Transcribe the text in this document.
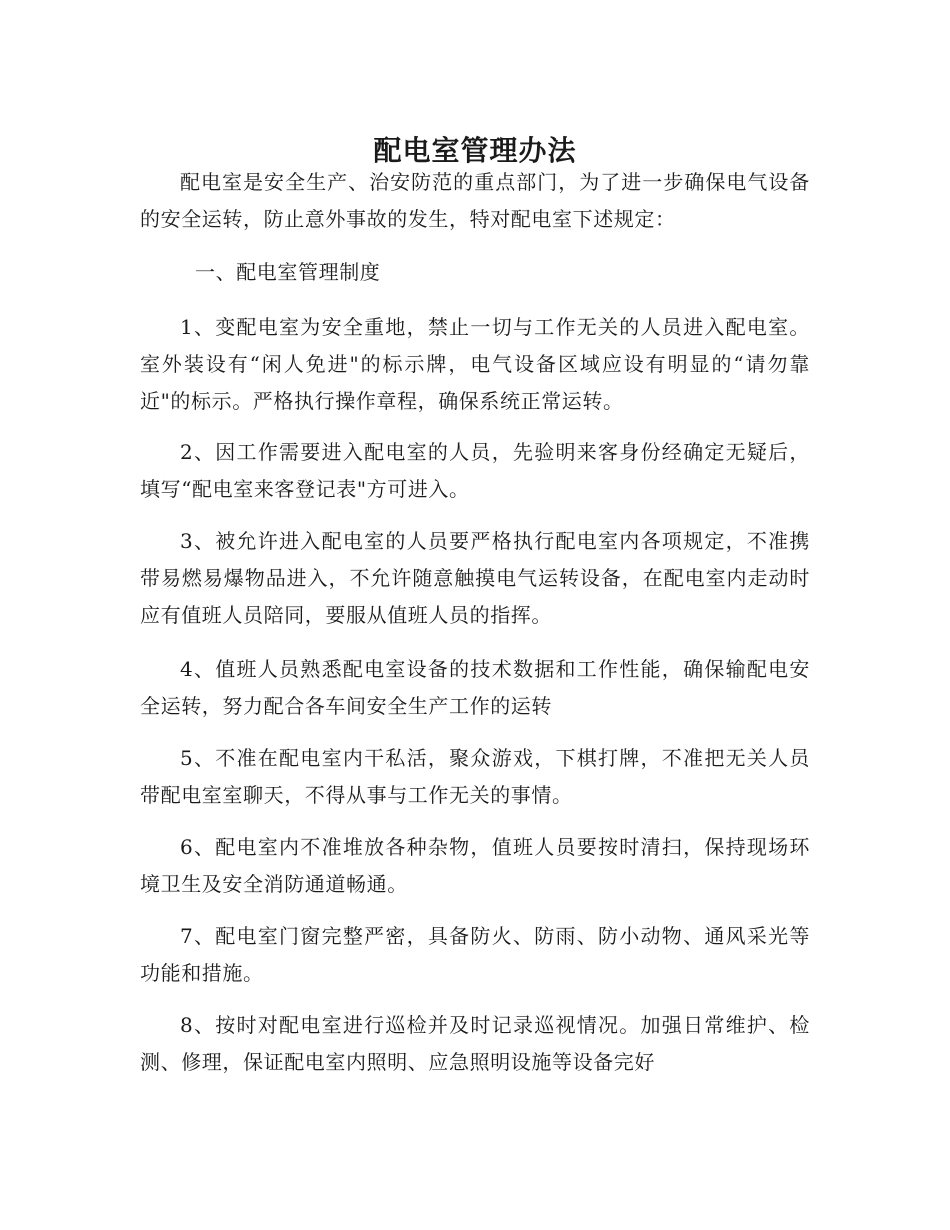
配电室管理办法

配电室是安全生产、治安防范的重点部门，为了进一步确保电气设备的安全运转，防止意外事故的发生，特对配电室下述规定：

一、配电室管理制度

1、变配电室为安全重地，禁止一切与工作无关的人员进入配电室。室外装设有“闲人免进"的标示牌，电气设备区域应设有明显的“请勿靠近"的标示。严格执行操作章程，确保系统正常运转。

2、因工作需要进入配电室的人员，先验明来客身份经确定无疑后，填写“配电室来客登记表"方可进入。

3、被允许进入配电室的人员要严格执行配电室内各项规定，不准携带易燃易爆物品进入，不允许随意触摸电气运转设备，在配电室内走动时应有值班人员陪同，要服从值班人员的指挥。

4、值班人员熟悉配电室设备的技术数据和工作性能，确保输配电安全运转，努力配合各车间安全生产工作的运转

5、不准在配电室内干私活，聚众游戏，下棋打牌，不准把无关人员带配电室室聊天，不得从事与工作无关的事情。

6、配电室内不准堆放各种杂物，值班人员要按时清扫，保持现场环境卫生及安全消防通道畅通。

7、配电室门窗完整严密，具备防火、防雨、防小动物、通风采光等功能和措施。

8、按时对配电室进行巡检并及时记录巡视情况。加强日常维护、检测、修理，保证配电室内照明、应急照明设施等设备完好
